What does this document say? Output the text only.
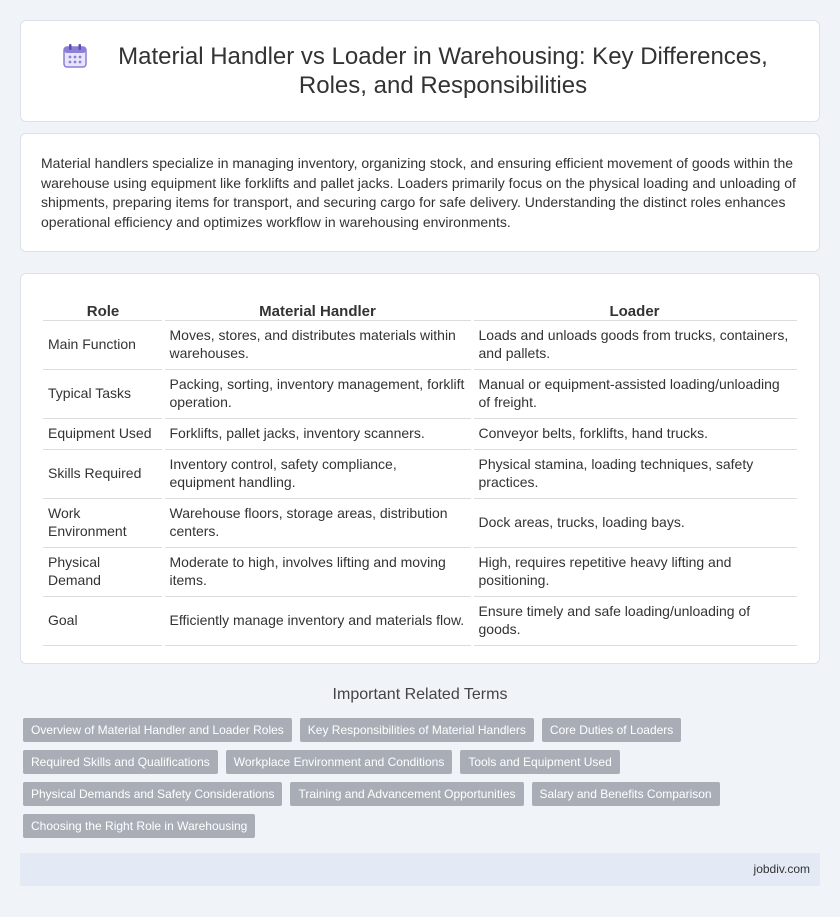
Material Handler vs Loader in Warehousing: Key Differences, Roles, and Responsibilities

Material handlers specialize in managing inventory, organizing stock, and ensuring efficient movement of goods within the warehouse using equipment like forklifts and pallet jacks. Loaders primarily focus on the physical loading and unloading of shipments, preparing items for transport, and securing cargo for safe delivery. Understanding the distinct roles enhances operational efficiency and optimizes workflow in warehousing environments.

Role	Material Handler	Loader
Main Function	Moves, stores, and distributes materials within warehouses.	Loads and unloads goods from trucks, containers, and pallets.
Typical Tasks	Packing, sorting, inventory management, forklift operation.	Manual or equipment-assisted loading/unloading of freight.
Equipment Used	Forklifts, pallet jacks, inventory scanners.	Conveyor belts, forklifts, hand trucks.
Skills Required	Inventory control, safety compliance, equipment handling.	Physical stamina, loading techniques, safety practices.
Work Environment	Warehouse floors, storage areas, distribution centers.	Dock areas, trucks, loading bays.
Physical Demand	Moderate to high, involves lifting and moving items.	High, requires repetitive heavy lifting and positioning.
Goal	Efficiently manage inventory and materials flow.	Ensure timely and safe loading/unloading of goods.
Important Related Terms
Overview of Material Handler and Loader Roles	Key Responsibilities of Material Handlers	Core Duties of Loaders
Required Skills and Qualifications	Workplace Environment and Conditions	Tools and Equipment Used
Physical Demands and Safety Considerations	Training and Advancement Opportunities	Salary and Benefits Comparison
Choosing the Right Role in Warehousing
jobdiv.com
